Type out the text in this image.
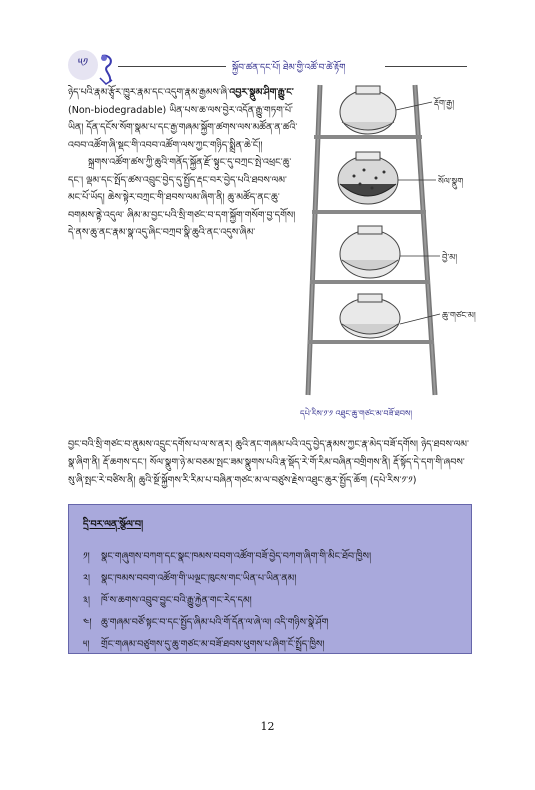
༥༡	སྐྱོབ་ཚན་དང་པོ། ཐེམ་གྱི་འཚོ་བ་ཚེ་རྟོག
ཉེད་པའི་རྣམ་རྩྭོར་ཁྱུར་རྣམ་དང་འདུག་རྣམ་རྒྱམས་ཞི་འབྱར་སྣུམ་ཤིག་རྒྱུ་ང་ (Non-biodegradable) ཡིན་པས་ཆ་ལས་བྱེར་འདོན་རྒྱུ་གཏག་པོ་ཡིན། དོན་དངོས་སོག་སྣམ་པ་དང་རྒྱ་གཞམ་སྐྱོག་ཚགས་ལས་མཚོན་ན་ཚའི་འབབ་འཚོག་ཞི་སྡང་གི་འབབ་འཚོག་ལས་ཀྱང་གཉིད་སྨྲིན་ཆེ་ངོ།།
སྐྲགས་འཚོག་ཚས་ཀྱི་ཆུའི་གནོད་སྐྱོན་རྫོ་སྟུང་དུ་བཀྲང་སྤེ་འཕྲང་ཆུ་དང་། ལྡམ་དང་སྤོད་ཚས་འབྲུང་བྱེད་དུ་སྤྱོད་རྡང་བར་བྱེད་པའི་ཐབས་ལམ་མང་པོ་ཡོད། ཆེས་སྟེར་བཀྲང་གི་ཐབས་ལམ་ཞིག་ནི། ཆུ་མཚོད་ནང་ཆུ་བགམས་ནྟེ་འདུལ་ ཞིམ་མ་བྱང་པའི་སྲི་གཙང་བ་དག་སྐྱོག་གསོག་བྱ་དགོས། དེ་ནས་ཆུ་ནང་རྣམ་སྣ་འདུ་ཞིང་བཀྲབ་སྣི་ཆུའི་ནང་འདུས་ཞིམ་
རྡོག་རྒྱ།
སོལ་སྣུག
བྱེ་མ།
ཆུ་གཙང་མ།
དཔེ་རིས་༡་༡ འཐུང་ཆུ་གཙང་མ་བཟོ་ཐབས།
བྱང་བའི་སྲི་གཙང་བ་ནུམས་འདྲུང་དགོས་པ་ལ་ས་ནར། ཆུའི་ནང་གཞམ་པའི་འདུ་བྱེད་རྣམས་ཀྱང་རྣ་མེད་བཟོ་དགོས། ཉེད་ཐབས་ལམ་སྣ་ཞིག་ནི། རྡོ་ཆགས་དང་། སོལ་སྣུག་ཉེ་མ་བཅམ་སྤང་ཟམ་སྣུགས་པའི་རྣ་སྡོད་རེ་གོ་རིམ་བཞིན་བགྲིགས་ནི། རྡོ་སྟོད་དེ་དག་གི་ཞབས་སུ་ཞི་སྤང་རེ་བཙིས་ནི། ཆུའི་སྔོ་སྐྱོགས་རི་རིམ་པ་བཞིན་གཙང་མ་ལ་བཙུས་རྗེས་འཐུང་ཆུར་སྤྱོད་ཆོག (དཔེ་རིས་༡་༡)
དྲི་བར་ལན་སྩོལ་བ།
༡།	སྣང་གཞུགས་བཀག་དང་སྣང་ཁམས་བབག་འཚོག་བཟོ་བྱེད་བཀག་ཞིག་གི་མིང་ཐོབ་ཁྱིས།
༢།	སྣང་ཁམས་བབག་འཚོག་གི་ཡལྔང་ཁུངས་གང་ཡིན་པ་ཡིན་ནམ།
༣།	ཁོ་ས་ཆགས་འབྲུབ་བྱུང་བའི་རྒྱུ་རྐྱེན་གང་རེད་དམ།
༤། ཆུ་གཞམ་བཙོ་སྟང་བ་དང་སྤྱོད་ཞིམ་པའི་གོ་དོན་ལ་ཞེ་ལ། འདི་གཉིས་སྣེ་ཤོག
༥།	གྲོང་གཞམ་བཙུགས་དུ་ཆུ་གཙང་མ་བཟོ་ཐབས་ཕུགས་པ་ཞིག་ངོ་སྤྲོད་ཁྱིས།
12
